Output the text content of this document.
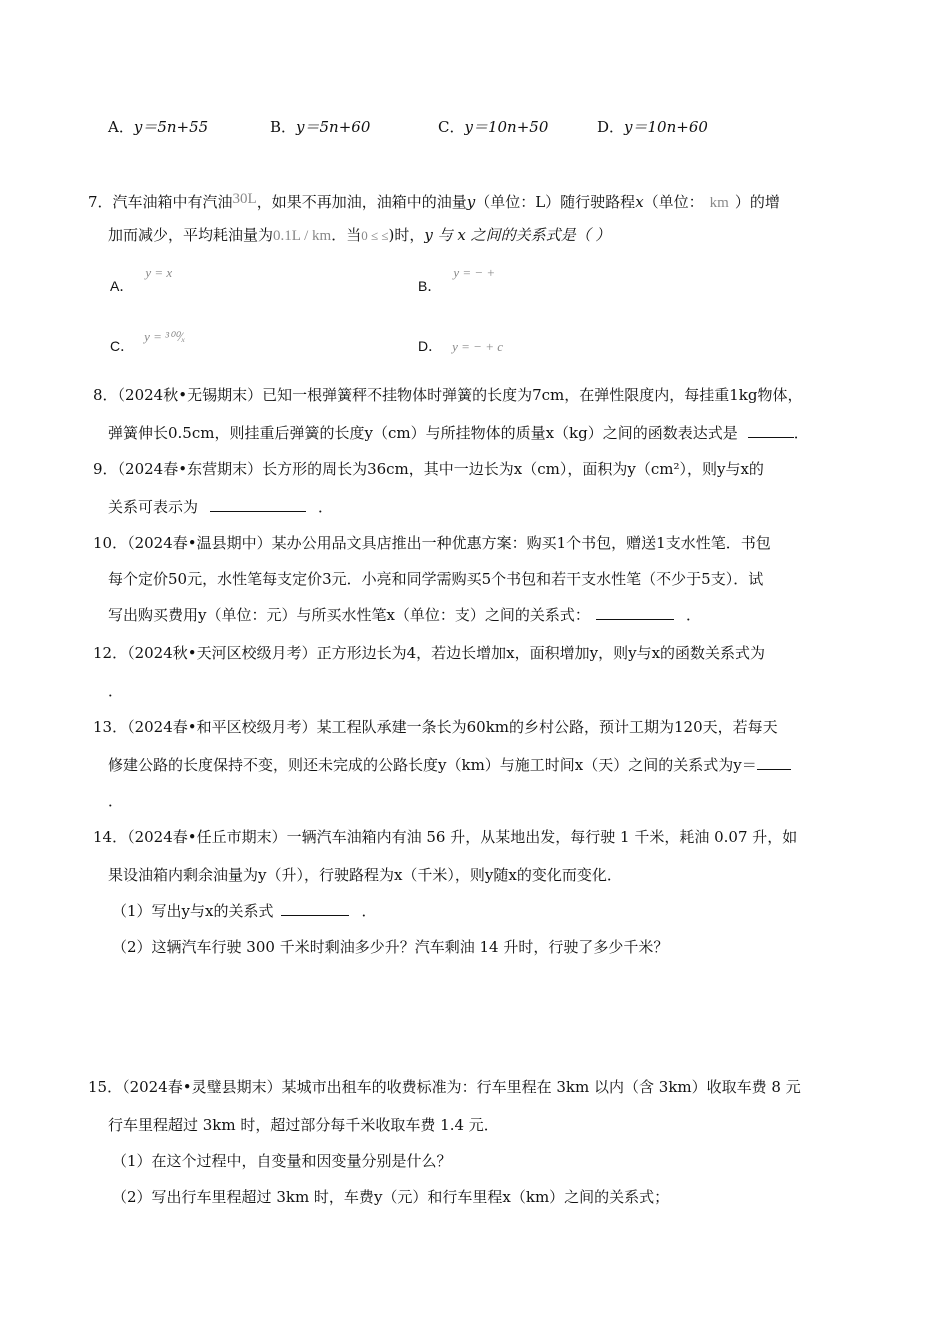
A．y＝5n+55	B．y＝5n+60	C．y＝10n+50	D．y＝10n+60
7．汽车油箱中有汽油30L，如果不再加油，油箱中的油量y（单位：L）随行驶路程x（单位： km ）的增
加而减少，平均耗油量为0.1L / km．当0 ≤ ≤)时，y 与 x 之间的关系式是（ ）
A．y = x
B．y = − +
C．y = ³⁰⁰⁄ₓ
D． y = − + c
8．（2024秋•无锡期末）已知一根弹簧秤不挂物体时弹簧的长度为7cm，在弹性限度内，每挂重1kg物体，
弹簧伸长0.5cm，则挂重后弹簧的长度y（cm）与所挂物体的质量x（kg）之间的函数表达式是	．
9．（2024春•东营期末）长方形的周长为36cm，其中一边长为x（cm），面积为y（cm²），则y与x的
关系可表示为	．
10．（2024春•温县期中）某办公用品文具店推出一种优惠方案：购买1个书包，赠送1支水性笔．书包
每个定价50元，水性笔每支定价3元．小亮和同学需购买5个书包和若干支水性笔（不少于5支）．试
写出购买费用y（单位：元）与所买水性笔x（单位：支）之间的关系式：	．
12．（2024秋•天河区校级月考）正方形边长为4，若边长增加x，面积增加y，则y与x的函数关系式为
．
13．（2024春•和平区校级月考）某工程队承建一条长为60km的乡村公路，预计工期为120天，若每天
修建公路的长度保持不变，则还未完成的公路长度y（km）与施工时间x（天）之间的关系式为y＝
．
14．（2024春•任丘市期末）一辆汽车油箱内有油 56 升，从某地出发，每行驶 1 千米，耗油 0.07 升，如
果设油箱内剩余油量为y（升），行驶路程为x（千米），则y随x的变化而变化．
（1）写出y与x的关系式	．
（2）这辆汽车行驶 300 千米时剩油多少升？汽车剩油 14 升时，行驶了多少千米？
15．（2024春•灵璧县期末）某城市出租车的收费标准为：行车里程在 3km 以内（含 3km）收取车费 8 元
行车里程超过 3km 时，超过部分每千米收取车费 1.4 元．
（1）在这个过程中，自变量和因变量分别是什么？
（2）写出行车里程超过 3km 时，车费y（元）和行车里程x（km）之间的关系式；
